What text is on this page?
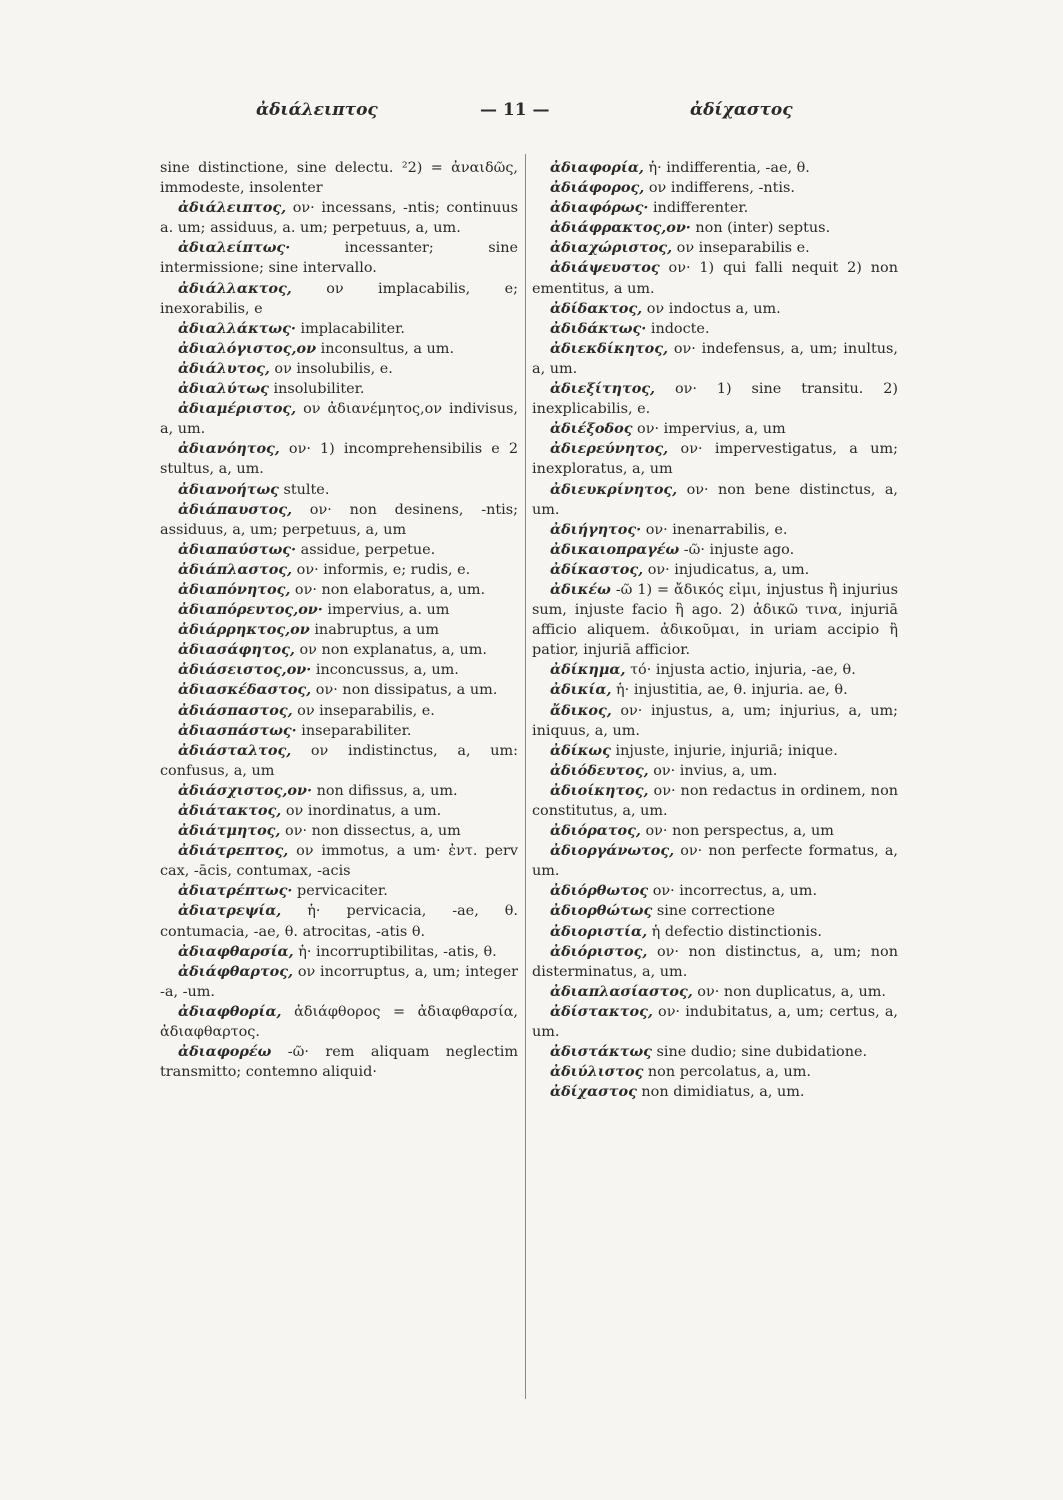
ἀδιάλειπτος	— 11 —	ἀδίχαστος

sine distinctione, sine delectu. ²2) = ἀναιδῶς, immodeste, insolenter

ἀδιάλειπτος, ον· incessans, -ntis; continuus a. um; assiduus, a. um; perpetuus, a, um.

ἀδιαλείπτως· incessanter; sine intermissione; sine intervallo.

ἀδιάλλακτος, ον implacabilis, e; inexorabilis, e

ἀδιαλλάκτως· implacabiliter.

ἀδιαλόγιστος,ον inconsultus, a um.

ἀδιάλυτος, ον insolubilis, e.

ἀδιαλύτως insolubiliter.

ἀδιαμέριστος, ον ἀδιανέμητος,ον indivisus, a, um.

ἀδιανόητος, ον· 1) incomprehensibilis e 2 stultus, a, um.

ἀδιανοήτως stulte.

ἀδιάπαυστος, ον· non desinens, -ntis; assiduus, a, um; perpetuus, a, um

ἀδιαπαύστως· assidue, perpetue.

ἀδιάπλαστος, ον· informis, e; rudis, e.

ἀδιαπόνητος, ον· non elaboratus, a, um.

ἀδιαπόρευτος,ον· impervius, a. um

ἀδιάρρηκτος,ον inabruptus, a um

ἀδιασάφητος, ον non explanatus, a, um.

ἀδιάσειστος,ον· inconcussus, a, um.

ἀδιασκέδαστος, ον· non dissipatus, a um.

ἀδιάσπαστος, ον inseparabilis, e.

ἀδιασπάστως· inseparabiliter.

ἀδιάσταλτος, ον indistinctus, a, um: confusus, a, um

ἀδιάσχιστος,ον· non difissus, a, um.

ἀδιάτακτος, ον inordinatus, a um.

ἀδιάτμητος, ον· non dissectus, a, um

ἀδιάτρεπτος, ον immotus, a um· ἐντ. perv cax, -ācis, contumax, -acis

ἀδιατρέπτως· pervicaciter.

ἀδιατρεψία, ἡ· pervicacia, -ae, θ. contumacia, -ae, θ. atrocitas, -atis θ.

ἀδιαφθαρσία, ἡ· incorruptibilitas, -atis, θ.

ἀδιάφθαρτος, ον incorruptus, a, um; integer -a, -um.

ἀδιαφθορία, ἀδιάφθορος = ἀδιαφθαρσία, ἀδιαφθαρτος.

ἀδιαφορέω -ῶ· rem aliquam neglectim transmitto; contemno aliquid·

ἀδιαφορία, ἡ· indifferentia, -ae, θ.

ἀδιάφορος, ον indifferens, -ntis.

ἀδιαφόρως· indifferenter.

ἀδιάφρακτος,ον· non (inter) septus.

ἀδιαχώριστος, ον inseparabilis e.

ἀδιάψευστος ον· 1) qui falli nequit 2) non ementitus, a um.

ἀδίδακτος, ον indoctus a, um.

ἀδιδάκτως· indocte.

ἀδιεκδίκητος, ον· indefensus, a, um; inultus, a, um.

ἀδιεξίτητος, ον· 1) sine transitu. 2) inexplicabilis, e.

ἀδιέξοδος ον· impervius, a, um

ἀδιερεύνητος, ον· impervestigatus, a um; inexploratus, a, um

ἀδιευκρίνητος, ον· non bene distinctus, a, um.

ἀδιήγητος· ον· inenarrabilis, e.

ἀδικαιοπραγέω -ῶ· injuste ago.

ἀδίκαστος, ον· injudicatus, a, um.

ἀδικέω -ῶ 1) = ἄδικός εἰμι, injustus ἢ injurius sum, injuste facio ἢ ago. 2) ἀδικῶ τινα, injuriā afficio aliquem. ἀδικοῦμαι, in uriam accipio ἢ patior, injuriā afficior.

ἀδίκημα, τό· injusta actio, injuria, -ae, θ.

ἀδικία, ἡ· injustitia, ae, θ. injuria. ae, θ.

ἄδικος, ον· injustus, a, um; injurius, a, um; iniquus, a, um.

ἀδίκως injuste, injurie, injuriā; inique.

ἀδιόδευτος, ον· invius, a, um.

ἀδιοίκητος, ον· non redactus in ordinem, non constitutus, a, um.

ἀδιόρατος, ον· non perspectus, a, um

ἀδιοργάνωτος, ον· non perfecte formatus, a, um.

ἀδιόρθωτος ον· incorrectus, a, um.

ἀδιορθώτως sine correctione

ἀδιοριστία, ἡ defectio distinctionis.

ἀδιόριστος, ον· non distinctus, a, um; non disterminatus, a, um.

ἀδιαπλασίαστος, ον· non duplicatus, a, um.

ἀδίστακτος, ον· indubitatus, a, um; certus, a, um.

ἀδιστάκτως sine dudio; sine dubidatione.

ἀδιύλιστος non percolatus, a, um.

ἀδίχαστος non dimidiatus, a, um.
